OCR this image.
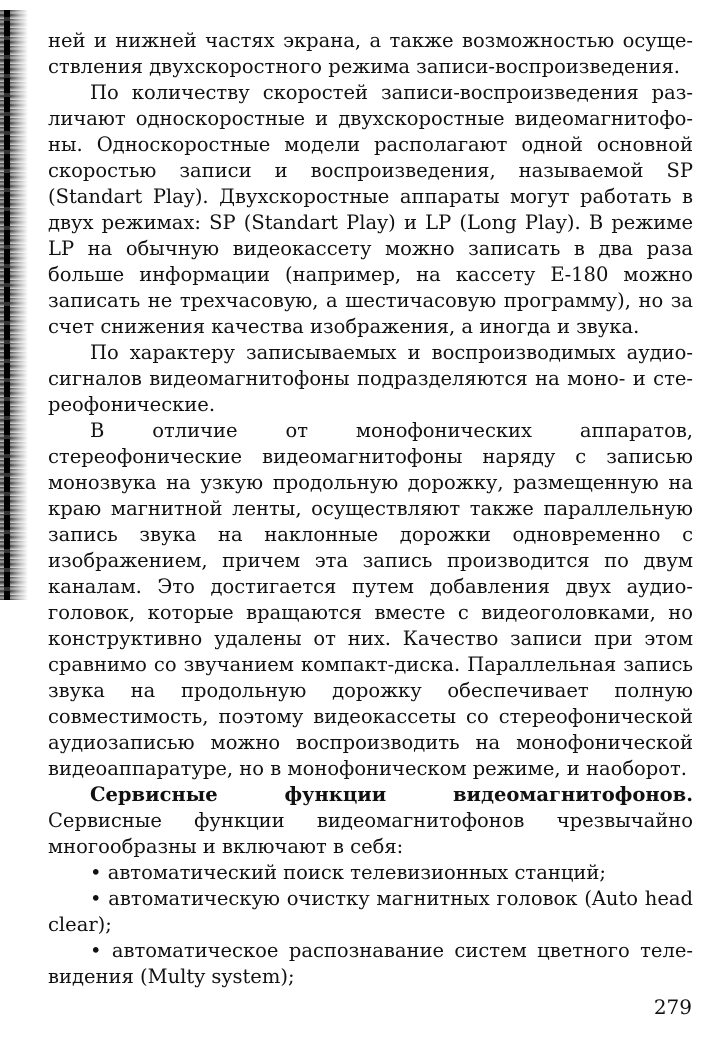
ней и нижней частях экрана, а также возможностью осуществления двухскоростного режима записи-воспроизведения.

По количеству скоростей записи-воспроизведения различают односкоростные и двухскоростные видеомагнитофоны. Односкоростные модели располагают одной основной скоростью записи и воспроизведения, называемой SP (Standart Play). Двухскоростные аппараты могут работать в двух режимах: SP (Standart Play) и LP (Long Play). В режиме LP на обычную видеокассету можно записать в два раза больше информации (например, на кассету Е-180 можно записать не трехчасовую, а шестичасовую программу), но за счет снижения качества изображения, а иногда и звука.

По характеру записываемых и воспроизводимых аудиосигналов видеомагнитофоны подразделяются на моно- и стереофонические.

В отличие от монофонических аппаратов, стереофонические видеомагнитофоны наряду с записью монозвука на узкую продольную дорожку, размещенную на краю магнитной ленты, осуществляют также параллельную запись звука на наклонные дорожки одновременно с изображением, причем эта запись производится по двум каналам. Это достигается путем добавления двух аудио-головок, которые вращаются вместе с видеоголовками, но конструктивно удалены от них. Качество записи при этом сравнимо со звучанием компакт-диска. Параллельная запись звука на продольную дорожку обеспечивает полную совместимость, поэтому видеокассеты со стереофонической аудиозаписью можно воспроизводить на монофонической видеоаппаратуре, но в монофоническом режиме, и наоборот.

Сервисные функции видеомагнитофонов. Сервисные функции видеомагнитофонов чрезвычайно многообразны и включают в себя:

• автоматический поиск телевизионных станций;

• автоматическую очистку магнитных головок (Auto head clear);

• автоматическое распознавание систем цветного телевидения (Multy system);

279
